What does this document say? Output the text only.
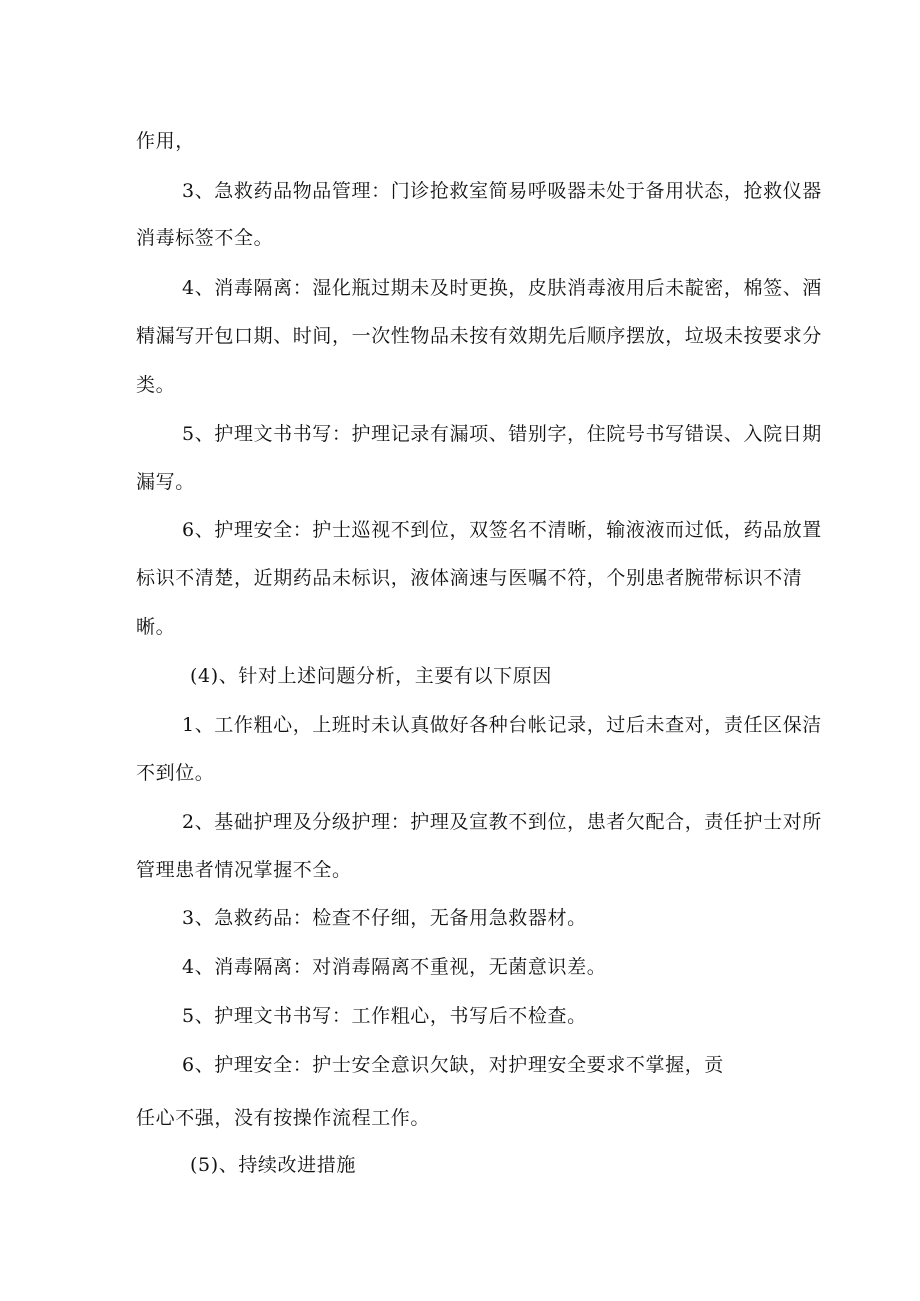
作用，
3、急救药品物品管理：门诊抢救室简易呼吸器未处于备用状态，抢救仪器
消毒标签不全。
4、消毒隔离：湿化瓶过期未及时更换，皮肤消毒液用后未靛密，棉签、酒
精漏写开包口期、时间，一次性物品未按有效期先后顺序摆放，垃圾未按要求分
类。
5、护理文书书写：护理记录有漏项、错别字，住院号书写错误、入院日期
漏写。
6、护理安全：护士巡视不到位，双签名不清晰，输液液而过低，药品放置
标识不清楚，近期药品未标识，液体滴速与医嘱不符，个别患者腕带标识不清
晰。
(4)、针对上述问题分析，主要有以下原因
1、工作粗心，上班时未认真做好各种台帐记录，过后未查对，责任区保洁
不到位。
2、基础护理及分级护理：护理及宣教不到位，患者欠配合，责任护士对所
管理患者情况掌握不全。
3、急救药品：检查不仔细，无备用急救器材。
4、消毒隔离：对消毒隔离不重视，无菌意识差。
5、护理文书书写：工作粗心，书写后不检查。
6、护理安全：护士安全意识欠缺，对护理安全要求不掌握，贡
任心不强，没有按操作流程工作。
(5)、持续改进措施
